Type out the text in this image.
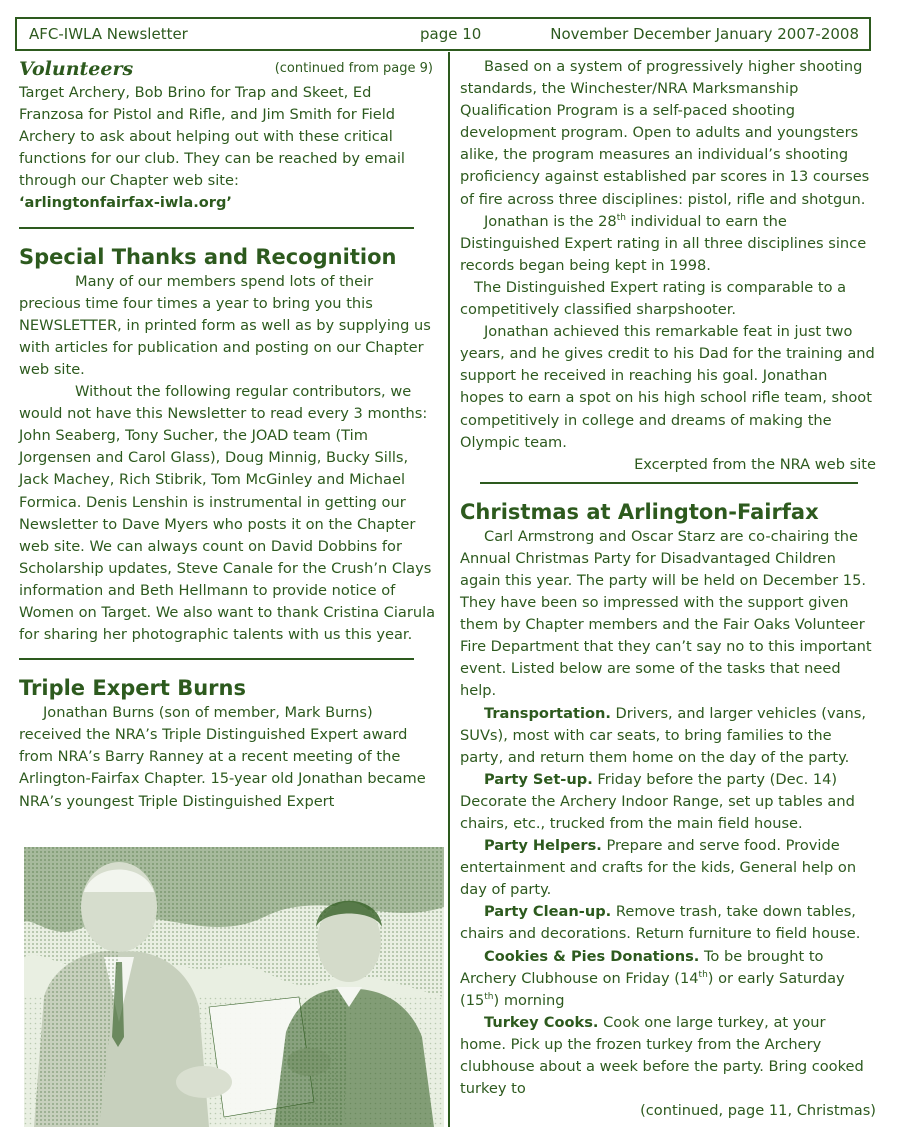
AFC-IWLA Newsletter	page 10	November December January 2007-2008
Volunteers	(continued from page 9)

Target Archery, Bob Brino for Trap and Skeet, Ed Franzosa for Pistol and Rifle, and Jim Smith for Field Archery to ask about helping out with these critical functions for our club. They can be reached by email through our Chapter web site:

‘arlingtonfairfax-iwla.org’

Special Thanks and Recognition

Many of our members spend lots of their precious time four times a year to bring you this NEWSLETTER, in printed form as well as by supplying us with articles for publication and posting on our Chapter web site.

Without the following regular contributors, we would not have this Newsletter to read every 3 months: John Seaberg, Tony Sucher, the JOAD team (Tim Jorgensen and Carol Glass), Doug Minnig, Bucky Sills, Jack Machey, Rich Stibrik, Tom McGinley and Michael Formica. Denis Lenshin is instrumental in getting our Newsletter to Dave Myers who posts it on the Chapter web site. We can always count on David Dobbins for Scholarship updates, Steve Canale for the Crush’n Clays information and Beth Hellmann to provide notice of Women on Target. We also want to thank Cristina Ciarula for sharing her photographic talents with us this year.

Triple Expert Burns

Jonathan Burns (son of member, Mark Burns) received the NRA’s Triple Distinguished Expert award from NRA’s Barry Ranney at a recent meeting of the Arlington-Fairfax Chapter. 15-year old Jonathan became NRA’s youngest Triple Distinguished Expert

Based on a system of progressively higher shooting standards, the Winchester/NRA Marksmanship Qualification Program is a self-paced shooting development program. Open to adults and youngsters alike, the program measures an individual’s shooting proficiency against established par scores in 13 courses of fire across three disciplines: pistol, rifle and shotgun.

Jonathan is the 28th individual to earn the Distinguished Expert rating in all three disciplines since records began being kept in 1998.

The Distinguished Expert rating is comparable to a competitively classified sharpshooter.

Jonathan achieved this remarkable feat in just two years, and he gives credit to his Dad for the training and support he received in reaching his goal. Jonathan hopes to earn a spot on his high school rifle team, shoot competitively in college and dreams of making the Olympic team.

Excerpted from the NRA web site

Christmas at Arlington-Fairfax

Carl Armstrong and Oscar Starz are co-chairing the Annual Christmas Party for Disadvantaged Children again this year. The party will be held on December 15. They have been so impressed with the support given them by Chapter members and the Fair Oaks Volunteer Fire Department that they can’t say no to this important event. Listed below are some of the tasks that need help.

Transportation. Drivers, and larger vehicles (vans, SUVs), most with car seats, to bring families to the party, and return them home on the day of the party.

Party Set-up. Friday before the party (Dec. 14) Decorate the Archery Indoor Range, set up tables and chairs, etc., trucked from the main field house.

Party Helpers. Prepare and serve food. Provide entertainment and crafts for the kids, General help on day of party.

Party Clean-up. Remove trash, take down tables, chairs and decorations. Return furniture to field house.

Cookies & Pies Donations. To be brought to Archery Clubhouse on Friday (14th) or early Saturday (15th) morning

Turkey Cooks. Cook one large turkey, at your home. Pick up the frozen turkey from the Archery clubhouse about a week before the party. Bring cooked turkey to

(continued, page 11, Christmas)
